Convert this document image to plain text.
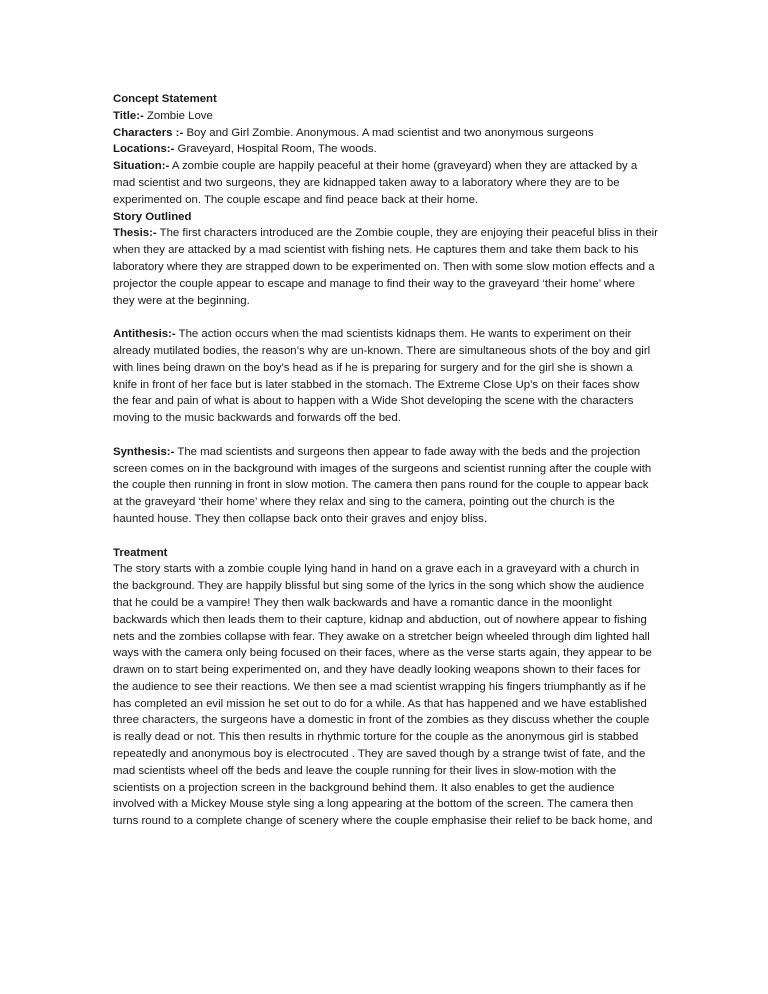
Concept Statement

Title:- Zombie Love

Characters :- Boy and Girl Zombie. Anonymous. A mad scientist and two anonymous surgeons

Locations:- Graveyard, Hospital Room, The woods.

Situation:- A zombie couple are happily peaceful at their home (graveyard) when they are attacked by a mad scientist and two surgeons, they are kidnapped taken away to a laboratory where they are to be experimented on. The couple escape and find peace back at their home.

Story Outlined

Thesis:- The first characters introduced are the Zombie couple, they are enjoying their peaceful bliss in their when they are attacked by a mad scientist with fishing nets. He captures them and take them back to his laboratory where they are strapped down to be experimented on. Then with some slow motion effects and a projector the couple appear to escape and manage to find their way to the graveyard ‘their home’ where they were at the beginning.

Antithesis:- The action occurs when the mad scientists kidnaps them. He wants to experiment on their already mutilated bodies, the reason’s why are un-known. There are simultaneous shots of the boy and girl with lines being drawn on the boy’s head as if he is preparing for surgery and for the girl she is shown a knife in front of her face but is later stabbed in the stomach. The Extreme Close Up’s on their faces show the fear and pain of what is about to happen with a Wide Shot developing the scene with the characters moving to the music backwards and forwards off the bed.

Synthesis:- The mad scientists and surgeons then appear to fade away with the beds and the projection screen comes on in the background with images of the surgeons and scientist running after the couple with the couple then running in front in slow motion. The camera then pans round for the couple to appear back at the graveyard ‘their home’ where they relax and sing to the camera, pointing out the church is the haunted house. They then collapse back onto their graves and enjoy bliss.

Treatment

The story starts with a zombie couple lying hand in hand on a grave each in a graveyard with a church in the background. They are happily blissful but sing some of the lyrics in the song which show the audience that he could be a vampire! They then walk backwards and have a romantic dance in the moonlight backwards which then leads them to their capture, kidnap and abduction, out of nowhere appear to fishing nets and the zombies collapse with fear. They awake on a stretcher beign wheeled through dim lighted hall ways with the camera only being focused on their faces, where as the verse starts again, they appear to be drawn on to start being experimented on, and they have deadly looking weapons shown to their faces for the audience to see their reactions. We then see a mad scientist wrapping his fingers triumphantly as if he has completed an evil mission he set out to do for a while. As that has happened and we have established three characters, the surgeons have a domestic in front of the zombies as they discuss whether the couple is really dead or not. This then results in rhythmic torture for the couple as the anonymous girl is stabbed repeatedly and anonymous boy is electrocuted . They are saved though by a strange twist of fate, and the mad scientists wheel off the beds and leave the couple running for their lives in slow-motion with the scientists on a projection screen in the background behind them. It also enables to get the audience involved with a Mickey Mouse style sing a long appearing at the bottom of the screen. The camera then turns round to a complete change of scenery where the couple emphasise their relief to be back home, and
